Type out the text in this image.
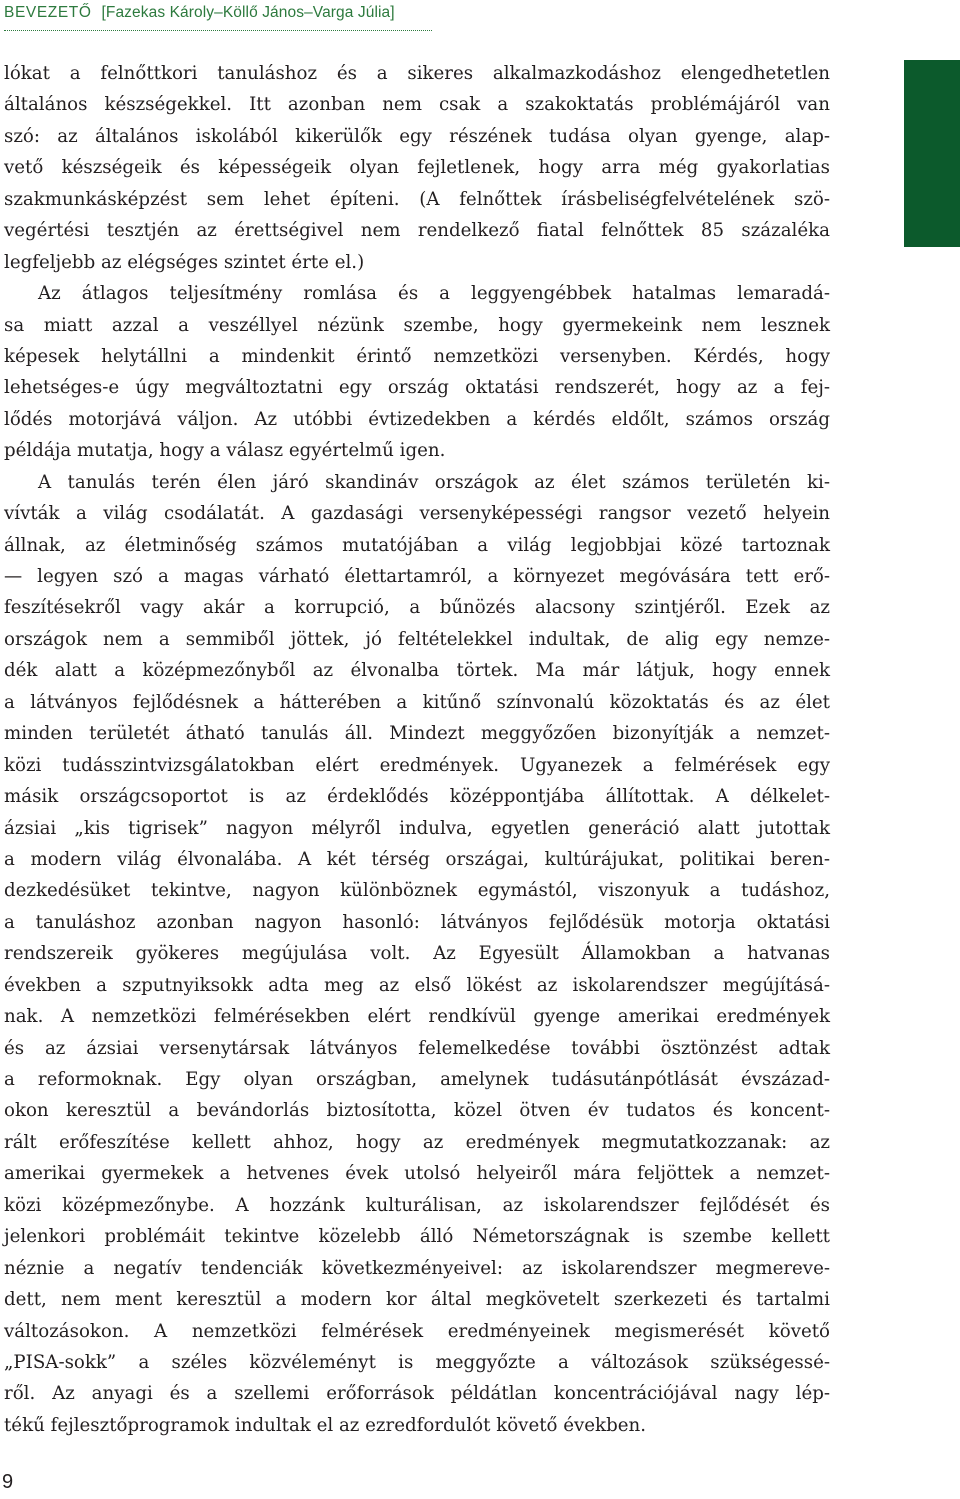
BEVEZETŐ [Fazekas Károly–Köllő János–Varga Júlia]
lókat a felnőttkori tanuláshoz és a sikeres alkalmazkodáshoz elengedhetetlen
általános készségekkel. Itt azonban nem csak a szakoktatás problémájáról van
szó: az általános iskolából kikerülők egy részének tudása olyan gyenge, alap-
vető készségeik és képességeik olyan fejletlenek, hogy arra még gyakorlatias
szakmunkásképzést sem lehet építeni. (A felnőttek írásbeliségfelvételének szö-
vegértési tesztjén az érettségivel nem rendelkező fiatal felnőttek 85 százaléka
legfeljebb az elégséges szintet érte el.)
Az átlagos teljesítmény romlása és a leggyengébbek hatalmas lemaradá-
sa miatt azzal a veszéllyel nézünk szembe, hogy gyermekeink nem lesznek
képesek helytállni a mindenkit érintő nemzetközi versenyben. Kérdés, hogy
lehetséges-e úgy megváltoztatni egy ország oktatási rendszerét, hogy az a fej-
lődés motorjává váljon. Az utóbbi évtizedekben a kérdés eldőlt, számos ország
példája mutatja, hogy a válasz egyértelmű igen.
A tanulás terén élen járó skandináv országok az élet számos területén ki-
vívták a világ csodálatát. A gazdasági versenyképességi rangsor vezető helyein
állnak, az életminőség számos mutatójában a világ legjobbjai közé tartoznak
— legyen szó a magas várható élettartamról, a környezet megóvására tett erő-
feszítésekről vagy akár a korrupció, a bűnözés alacsony szintjéről. Ezek az
országok nem a semmiből jöttek, jó feltételekkel indultak, de alig egy nemze-
dék alatt a középmezőnyből az élvonalba törtek. Ma már látjuk, hogy ennek
a látványos fejlődésnek a hátterében a kitűnő színvonalú közoktatás és az élet
minden területét átható tanulás áll. Mindezt meggyőzően bizonyítják a nemzet-
közi tudásszintvizsgálatokban elért eredmények. Ugyanezek a felmérések egy
másik országcsoportot is az érdeklődés középpontjába állítottak. A délkelet-
ázsiai „kis tigrisek” nagyon mélyről indulva, egyetlen generáció alatt jutottak
a modern világ élvonalába. A két térség országai, kultúrájukat, politikai beren-
dezkedésüket tekintve, nagyon különböznek egymástól, viszonyuk a tudáshoz,
a tanuláshoz azonban nagyon hasonló: látványos fejlődésük motorja oktatási
rendszereik gyökeres megújulása volt. Az Egyesült Államokban a hatvanas
években a szputnyiksokk adta meg az első lökést az iskolarendszer megújításá-
nak. A nemzetközi felmérésekben elért rendkívül gyenge amerikai eredmények
és az ázsiai versenytársak látványos felemelkedése további ösztönzést adtak
a reformoknak. Egy olyan országban, amelynek tudásutánpótlását évszázad-
okon keresztül a bevándorlás biztosította, közel ötven év tudatos és koncent-
rált erőfeszítése kellett ahhoz, hogy az eredmények megmutatkozzanak: az
amerikai gyermekek a hetvenes évek utolsó helyeiről mára feljöttek a nemzet-
közi középmezőnybe. A hozzánk kulturálisan, az iskolarendszer fejlődését és
jelenkori problémáit tekintve közelebb álló Németországnak is szembe kellett
néznie a negatív tendenciák következményeivel: az iskolarendszer megmereve-
dett, nem ment keresztül a modern kor által megkövetelt szerkezeti és tartalmi
változásokon. A nemzetközi felmérések eredményeinek megismerését követő
„PISA-sokk” a széles közvéleményt is meggyőzte a változások szükségessé-
ről. Az anyagi és a szellemi erőforrások példátlan koncentrációjával nagy lép-
tékű fejlesztőprogramok indultak el az ezredfordulót követő években.
9
